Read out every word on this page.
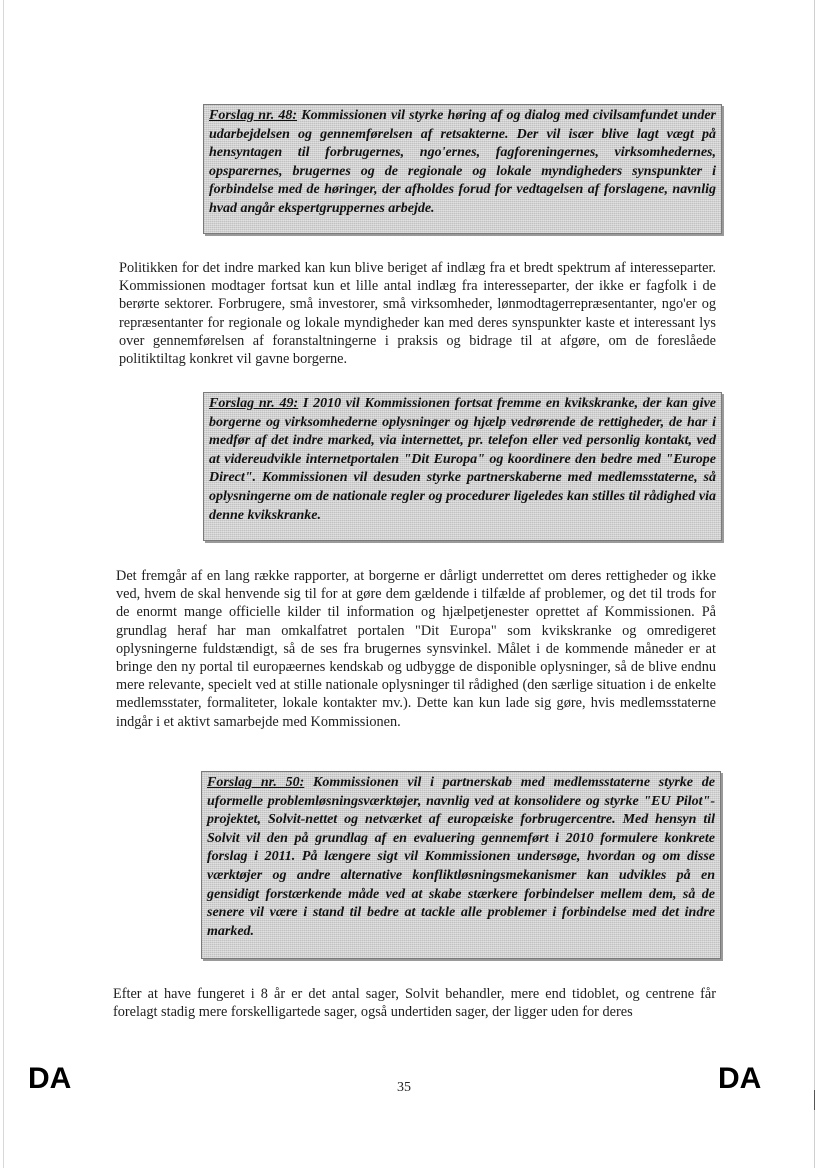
Forslag nr. 48: Kommissionen vil styrke høring af og dialog med civilsamfundet under udarbejdelsen og gennemførelsen af retsakterne. Der vil især blive lagt vægt på hensyntagen til forbrugernes, ngo'ernes, fagforeningernes, virksomhedernes, opsparernes, brugernes og de regionale og lokale myndigheders synspunkter i forbindelse med de høringer, der afholdes forud for vedtagelsen af forslagene, navnlig hvad angår ekspertgruppernes arbejde.
Politikken for det indre marked kan kun blive beriget af indlæg fra et bredt spektrum af interesseparter. Kommissionen modtager fortsat kun et lille antal indlæg fra interesseparter, der ikke er fagfolk i de berørte sektorer. Forbrugere, små investorer, små virksomheder, lønmodtagerrepræsentanter, ngo'er og repræsentanter for regionale og lokale myndigheder kan med deres synspunkter kaste et interessant lys over gennemførelsen af foranstaltningerne i praksis og bidrage til at afgøre, om de foreslåede politiktiltag konkret vil gavne borgerne.
Forslag nr. 49: I 2010 vil Kommissionen fortsat fremme en kvikskranke, der kan give borgerne og virksomhederne oplysninger og hjælp vedrørende de rettigheder, de har i medfør af det indre marked, via internettet, pr. telefon eller ved personlig kontakt, ved at videreudvikle internetportalen "Dit Europa" og koordinere den bedre med "Europe Direct". Kommissionen vil desuden styrke partnerskaberne med medlemsstaterne, så oplysningerne om de nationale regler og procedurer ligeledes kan stilles til rådighed via denne kvikskranke.
Det fremgår af en lang række rapporter, at borgerne er dårligt underrettet om deres rettigheder og ikke ved, hvem de skal henvende sig til for at gøre dem gældende i tilfælde af problemer, og det til trods for de enormt mange officielle kilder til information og hjælpetjenester oprettet af Kommissionen. På grundlag heraf har man omkalfatret portalen "Dit Europa" som kvikskranke og omredigeret oplysningerne fuldstændigt, så de ses fra brugernes synsvinkel. Målet i de kommende måneder er at bringe den ny portal til europæernes kendskab og udbygge de disponible oplysninger, så de blive endnu mere relevante, specielt ved at stille nationale oplysninger til rådighed (den særlige situation i de enkelte medlemsstater, formaliteter, lokale kontakter mv.). Dette kan kun lade sig gøre, hvis medlemsstaterne indgår i et aktivt samarbejde med Kommissionen.
Forslag nr. 50: Kommissionen vil i partnerskab med medlemsstaterne styrke de uformelle problemløsningsværktøjer, navnlig ved at konsolidere og styrke "EU Pilot"-projektet, Solvit-nettet og netværket af europæiske forbrugercentre. Med hensyn til Solvit vil den på grundlag af en evaluering gennemført i 2010 formulere konkrete forslag i 2011. På længere sigt vil Kommissionen undersøge, hvordan og om disse værktøjer og andre alternative konfliktløsningsmekanismer kan udvikles på en gensidigt forstærkende måde ved at skabe stærkere forbindelser mellem dem, så de senere vil være i stand til bedre at tackle alle problemer i forbindelse med det indre marked.
Efter at have fungeret i 8 år er det antal sager, Solvit behandler, mere end tidoblet, og centrene får forelagt stadig mere forskelligartede sager, også undertiden sager, der ligger uden for deres
DA	35	DA
